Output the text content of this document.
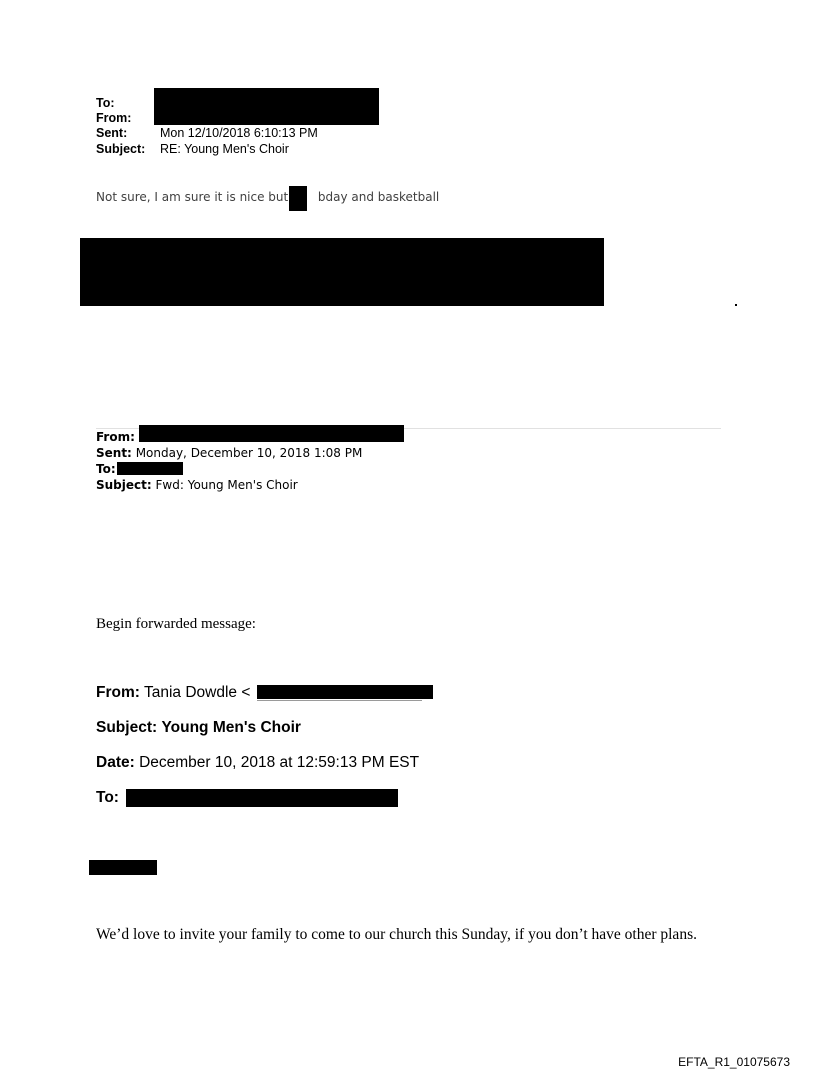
To:
From:
Sent:	Mon 12/10/2018 6:10:13 PM
Subject: RE: Young Men's Choir
Not sure, I am sure it is nice but bday and basketball
From:
Sent: Monday, December 10, 2018 1:08 PM
To:
Subject: Fwd: Young Men's Choir
Begin forwarded message:
From: Tania Dowdle <
Subject: Young Men's Choir
Date: December 10, 2018 at 12:59:13 PM EST
To:
We’d love to invite your family to come to our church this Sunday, if you don’t have other plans.
EFTA_R1_01075673
